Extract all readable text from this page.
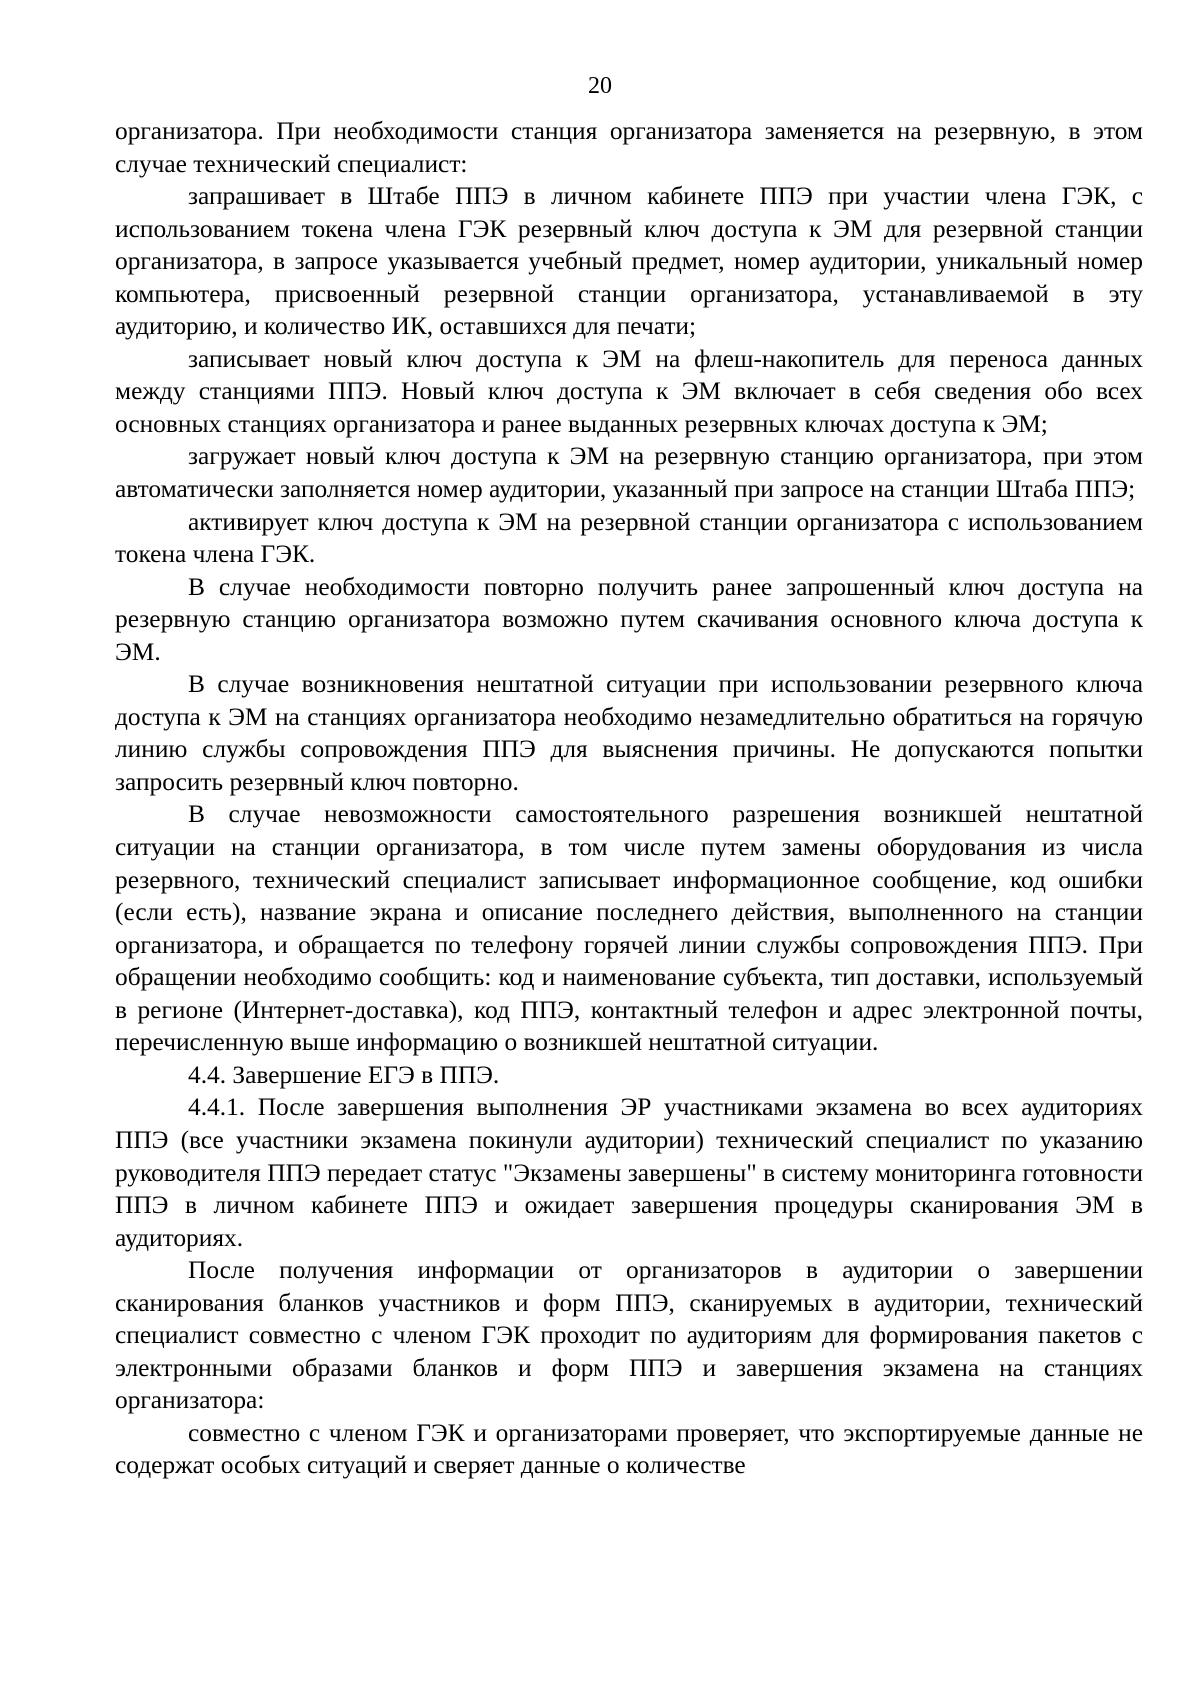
20

организатора. При необходимости станция организатора заменяется на резервную, в этом случае технический специалист:

запрашивает в Штабе ППЭ в личном кабинете ППЭ при участии члена ГЭК, с использованием токена члена ГЭК резервный ключ доступа к ЭМ для резервной станции организатора, в запросе указывается учебный предмет, номер аудитории, уникальный номер компьютера, присвоенный резервной станции организатора, устанавливаемой в эту аудиторию, и количество ИК, оставшихся для печати;

записывает новый ключ доступа к ЭМ на флеш-накопитель для переноса данных между станциями ППЭ. Новый ключ доступа к ЭМ включает в себя сведения обо всех основных станциях организатора и ранее выданных резервных ключах доступа к ЭМ;

загружает новый ключ доступа к ЭМ на резервную станцию организатора, при этом автоматически заполняется номер аудитории, указанный при запросе на станции Штаба ППЭ;

активирует ключ доступа к ЭМ на резервной станции организатора с использованием токена члена ГЭК.

В случае необходимости повторно получить ранее запрошенный ключ доступа на резервную станцию организатора возможно путем скачивания основного ключа доступа к ЭМ.

В случае возникновения нештатной ситуации при использовании резервного ключа доступа к ЭМ на станциях организатора необходимо незамедлительно обратиться на горячую линию службы сопровождения ППЭ для выяснения причины. Не допускаются попытки запросить резервный ключ повторно.

В случае невозможности самостоятельного разрешения возникшей нештатной ситуации на станции организатора, в том числе путем замены оборудования из числа резервного, технический специалист записывает информационное сообщение, код ошибки (если есть), название экрана и описание последнего действия, выполненного на станции организатора, и обращается по телефону горячей линии службы сопровождения ППЭ. При обращении необходимо сообщить: код и наименование субъекта, тип доставки, используемый в регионе (Интернет-доставка), код ППЭ, контактный телефон и адрес электронной почты, перечисленную выше информацию о возникшей нештатной ситуации.

4.4. Завершение ЕГЭ в ППЭ.

4.4.1. После завершения выполнения ЭР участниками экзамена во всех аудиториях ППЭ (все участники экзамена покинули аудитории) технический специалист по указанию руководителя ППЭ передает статус "Экзамены завершены" в систему мониторинга готовности ППЭ в личном кабинете ППЭ и ожидает завершения процедуры сканирования ЭМ в аудиториях.

После получения информации от организаторов в аудитории о завершении сканирования бланков участников и форм ППЭ, сканируемых в аудитории, технический специалист совместно с членом ГЭК проходит по аудиториям для формирования пакетов с электронными образами бланков и форм ППЭ и завершения экзамена на станциях организатора:

совместно с членом ГЭК и организаторами проверяет, что экспортируемые данные не содержат особых ситуаций и сверяет данные о количестве
